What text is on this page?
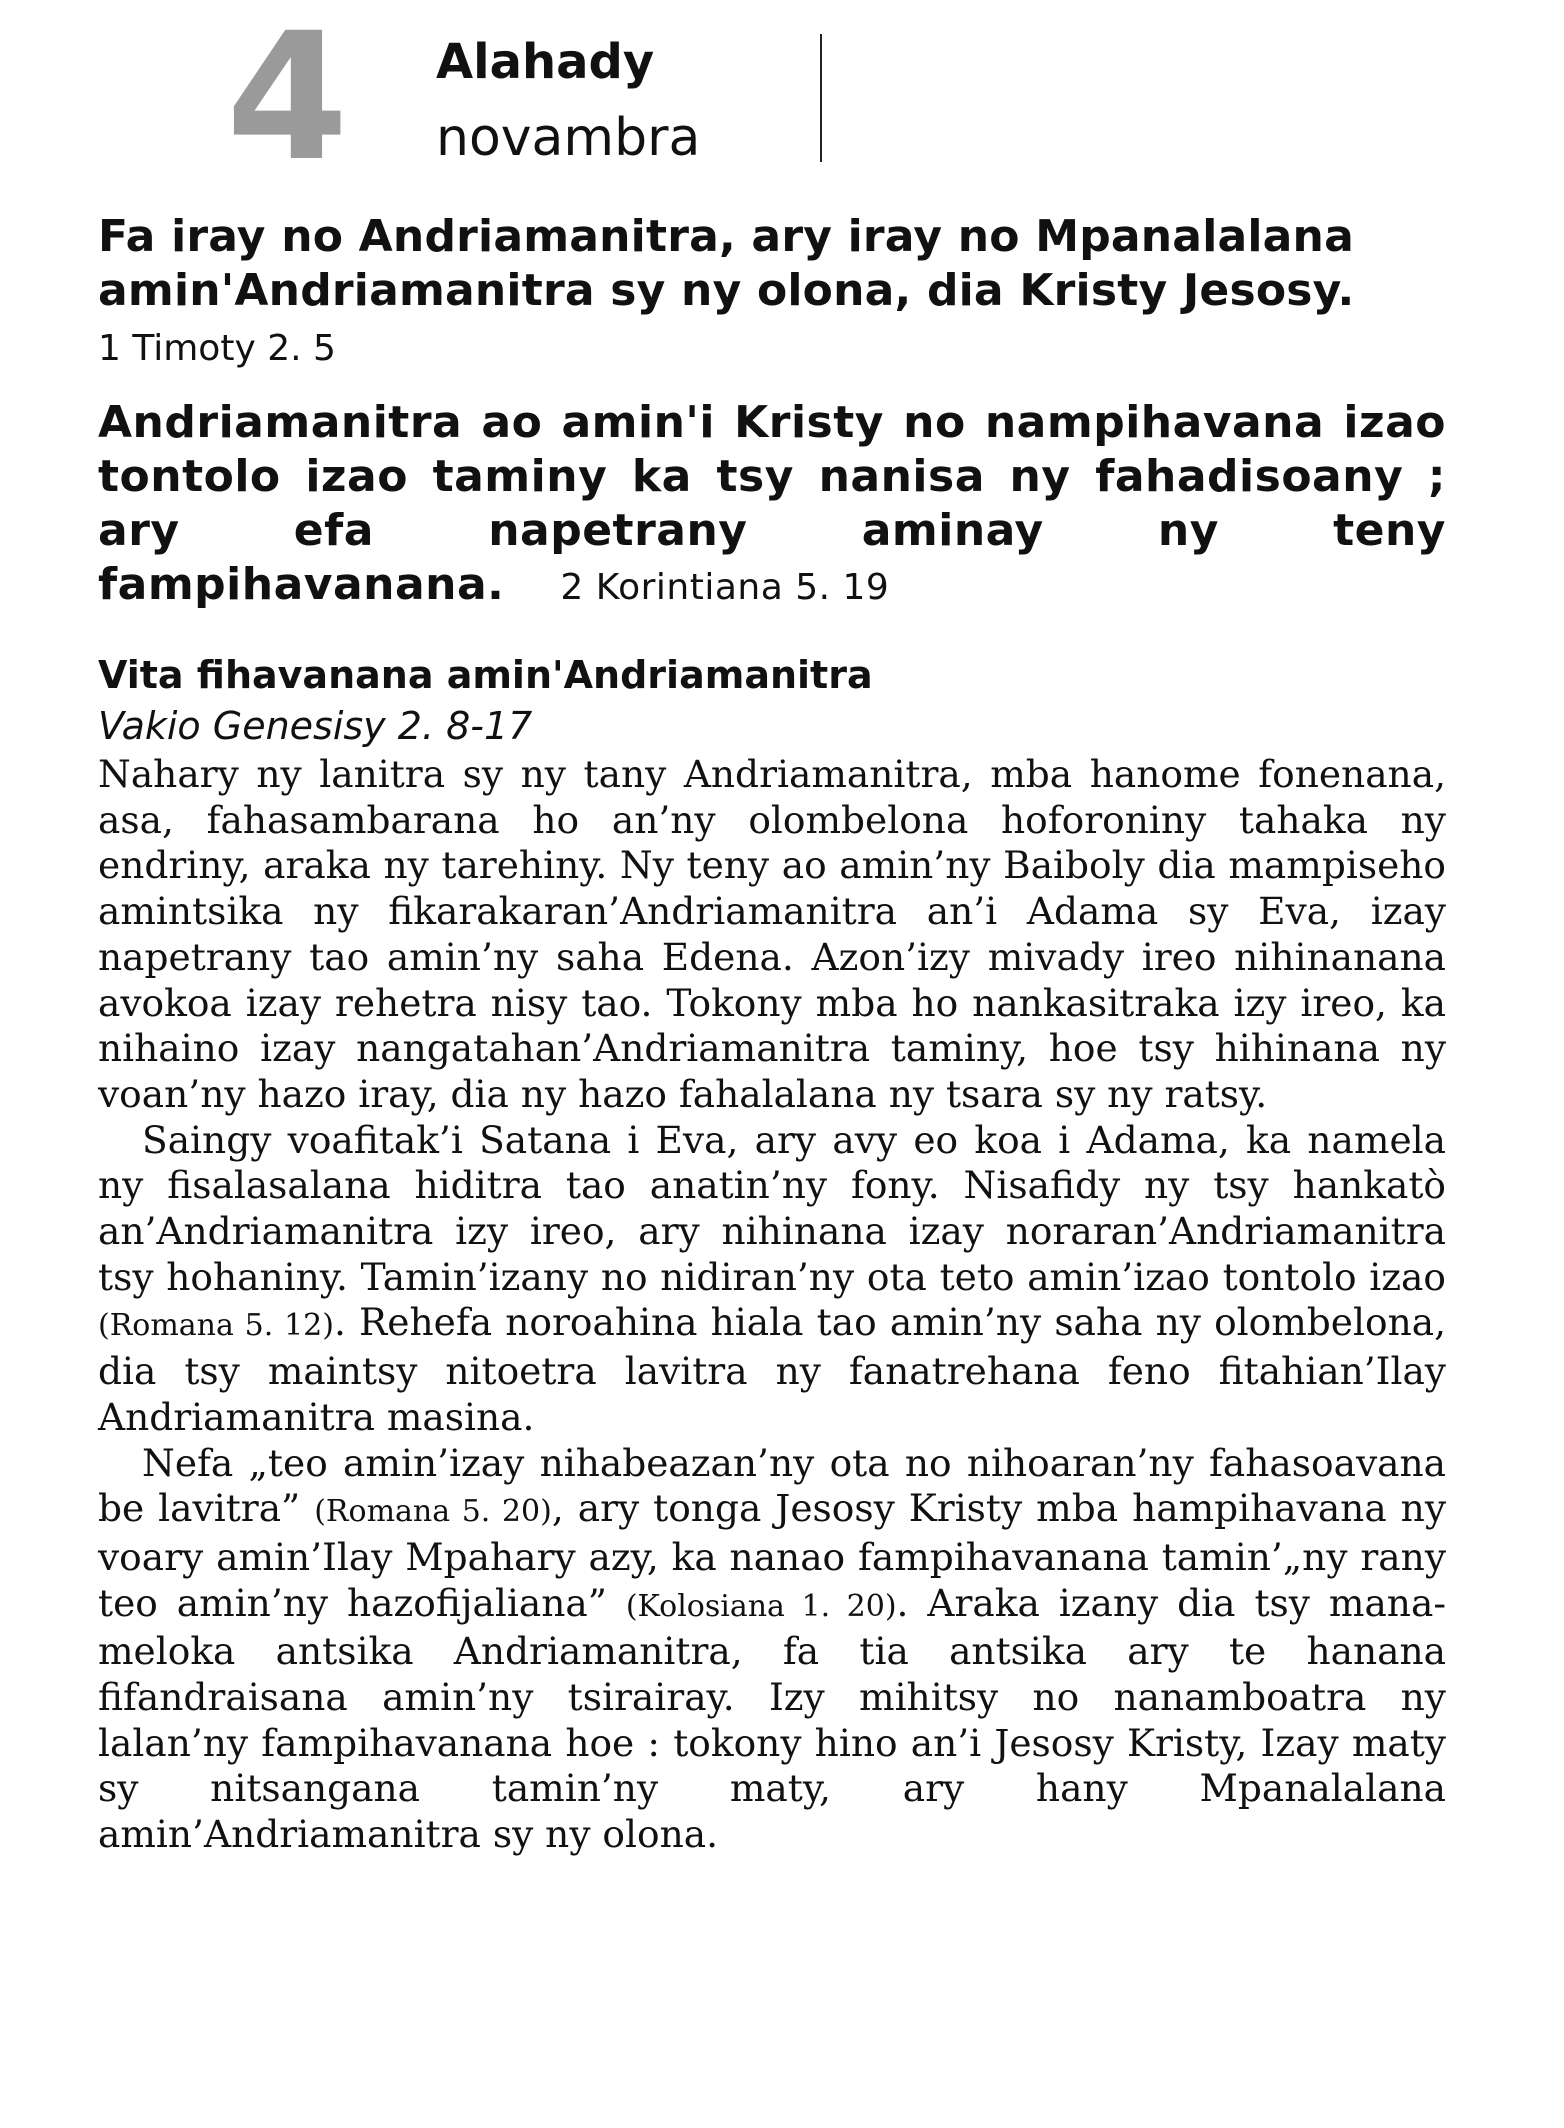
4 Alahady
novambra
Fa iray no Andriamanitra, ary iray no Mpanalalana amin'Andriamanitra sy ny olona, dia Kristy Jesosy.
1 Timoty 2. 5
Andriamanitra ao amin'i Kristy no nampihavana izao tontolo izao taminy ka tsy nanisa ny fahadisoany ; ary efa napetrany aminay ny teny fampihavanana. 2 Korintiana 5. 19
Vita fihavanana amin'Andriamanitra
Vakio Genesisy 2. 8-17

Nahary ny lanitra sy ny tany Andriamanitra, mba hanome fonenana, asa, fahasambarana ho an’ny olombelona hoforoniny tahaka ny endriny, araka ny tarehiny. Ny teny ao amin’ny Baiboly dia mampiseho amintsika ny fikarakaran’Andriamanitra an’i Adama sy Eva, izay napetrany tao amin’ny saha Edena. Azon’izy mivady ireo nihinanana avokoa izay rehetra nisy tao. Tokony mba ho nankasitraka izy ireo, ka nihaino izay nangatahan’Andriamanitra taminy, hoe tsy hihinana ny voan’ny hazo iray, dia ny hazo fahalalana ny tsara sy ny ratsy.

Saingy voafitak’i Satana i Eva, ary avy eo koa i Adama, ka namela ny fisalasalana hiditra tao anatin’ny fony. Nisafidy ny tsy hankatò an’Andriamanitra izy ireo, ary nihinana izay noraran’Andriamanitra tsy hohaniny. Tamin’izany no nidiran’ny ota teto amin’izao tontolo izao (Romana 5. 12). Rehefa noroahina hiala tao amin’ny saha ny olombelona, dia tsy maintsy nitoetra lavitra ny fanatrehana feno fitahian’Ilay Andriamanitra masina.

Nefa „teo amin’izay nihabeazan’ny ota no nihoaran’ny fahasoavana be lavitra” (Romana 5. 20), ary tonga Jesosy Kristy mba hampihavana ny voary amin’Ilay Mpahary azy, ka nanao fampihavanana tamin’„ny rany teo amin’ny hazofijaliana” (Kolosiana 1. 20). Araka izany dia tsy manameloka antsika Andriamanitra, fa tia antsika ary te hanana fifandraisana amin’ny tsirairay. Izy mihitsy no nanamboatra ny lalan’ny fampihavanana hoe : tokony hino an’i Jesosy Kristy, Izay maty sy nitsangana tamin’ny maty, ary hany Mpanalalana amin’Andriamanitra sy ny olona.
